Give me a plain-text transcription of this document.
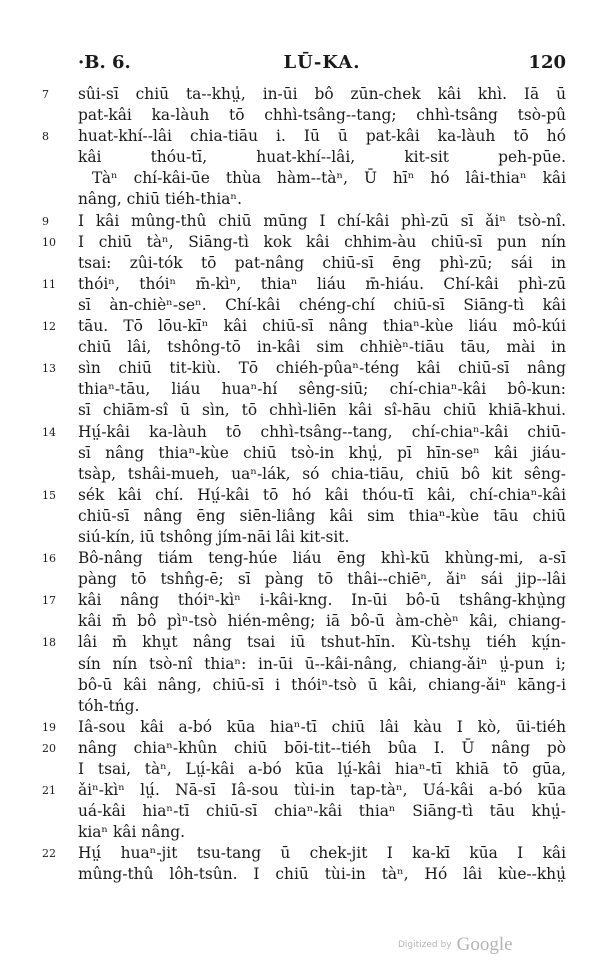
·B. 6.	LŪ-KA.	120
7	sûi-sī chiū ta--khṳ̍, in-ūi bô zūn-chek kâi khì. Iā ū
pat-kâi ka-làuh tō chhì-tsâng--tang; chhì-tsâng tsò-pû
8	huat-khí--lâi chia-tiāu i. Iū ū pat-kâi ka-làuh tō hó
kâi thóu-tī, huat-khí--lâi, kit-sit peh-pūe.
Tàⁿ chí-kâi-ūe thùa hàm--tàⁿ, Ū hīⁿ hó lâi-thiaⁿ kâi
nâng, chiū tiéh-thiaⁿ.
9	I kâi mûng-thû chiū mūng I chí-kâi phì-zū sī ǎiⁿ tsò-nî.
10	I chiū tàⁿ, Siāng-tì kok kâi chhim-àu chiū-sī pun nín
tsai: zûi-tók tō pat-nâng chiū-sī ēng phì-zū; sái in
11	thóiⁿ, thóiⁿ m̄-kìⁿ, thiaⁿ liáu m̄-hiáu. Chí-kâi phì-zū
sī àn-chièⁿ-seⁿ. Chí-kâi chéng-chí chiū-sī Siāng-tì kâi
12	tāu. Tō lōu-kīⁿ kâi chiū-sī nâng thiaⁿ-kùe liáu mô-kúi
chiū lâi, tshông-tō in-kâi sim chhièⁿ-tiāu tāu, mài in
13	sìn chiū tit-kiù. Tō chiéh-pûaⁿ-téng kâi chiū-sī nâng
thiaⁿ-tāu, liáu huaⁿ-hí sêng-siū; chí-chiaⁿ-kâi bô-kun:
sī chiām-sî ū sìn, tō chhì-liēn kâi sî-hāu chiū khiā-khui.
14	Hṳ́-kâi ka-làuh tō chhì-tsâng--tang, chí-chiaⁿ-kâi chiū-
sī nâng thiaⁿ-kùe chiū tsò-in khṳ̍, pī hīn-seⁿ kâi jiáu-
tsàp, tshâi-mueh, uaⁿ-lák, só chia-tiāu, chiū bô kit sêng-
15	sék kâi chí. Hṳ́-kâi tō hó kâi thóu-tī kâi, chí-chiaⁿ-kâi
chiū-sī nâng ēng siēn-liâng kâi sim thiaⁿ-kùe tāu chiū
siú-kín, iū tshông jím-nāi lâi kit-sit.
16	Bô-nâng tiám teng-húe liáu ēng khì-kū khùng-mi, a-sī
pàng tō tshn̂g-ē; sī pàng tō thâi--chiēⁿ, ǎiⁿ sái jip--lâi
17	kâi nâng thóiⁿ-kìⁿ i-kâi-kng. In-ūi bô-ū tshâng-khṳ̀ng
kâi m̄ bô pìⁿ-tsò hién-mêng; iā bô-ū àm-chèⁿ kâi, chiang-
18	lâi m̄ khṳt nâng tsai iū tshut-hīn. Kù-tshṳ tiéh kṳ́n-
sín nín tsò-nî thiaⁿ: in-ūi ū--kâi-nâng, chiang-ǎiⁿ ṳ̍-pun i;
bô-ū kâi nâng, chiū-sī i thóiⁿ-tsò ū kâi, chiang-ǎiⁿ kāng-i
tóh-tńg.
19	Iâ-sou kâi a-bó kūa hiaⁿ-tī chiū lâi kàu I kò, ūi-tiéh
20	nâng chiaⁿ-khûn chiū bōi-tit--tiéh bûa I. Ū nâng pò
I tsai, tàⁿ, Lṳ́-kâi a-bó kūa lṳ́-kâi hiaⁿ-tī khiā tō gūa,
21	ǎiⁿ-kìⁿ lṳ́. Nā-sī Iâ-sou tùi-in tap-tàⁿ, Uá-kâi a-bó kūa
uá-kâi hiaⁿ-tī chiū-sī chiaⁿ-kâi thiaⁿ Siāng-tì tāu khṳ̍-
kiaⁿ kâi nâng.
22	Hṳ́ huaⁿ-jit tsu-tang ū chek-jit I ka-kī kūa I kâi
mûng-thû lôh-tsûn. I chiū tùi-in tàⁿ, Hó lâi kùe--khṳ̍
Digitized by Google
